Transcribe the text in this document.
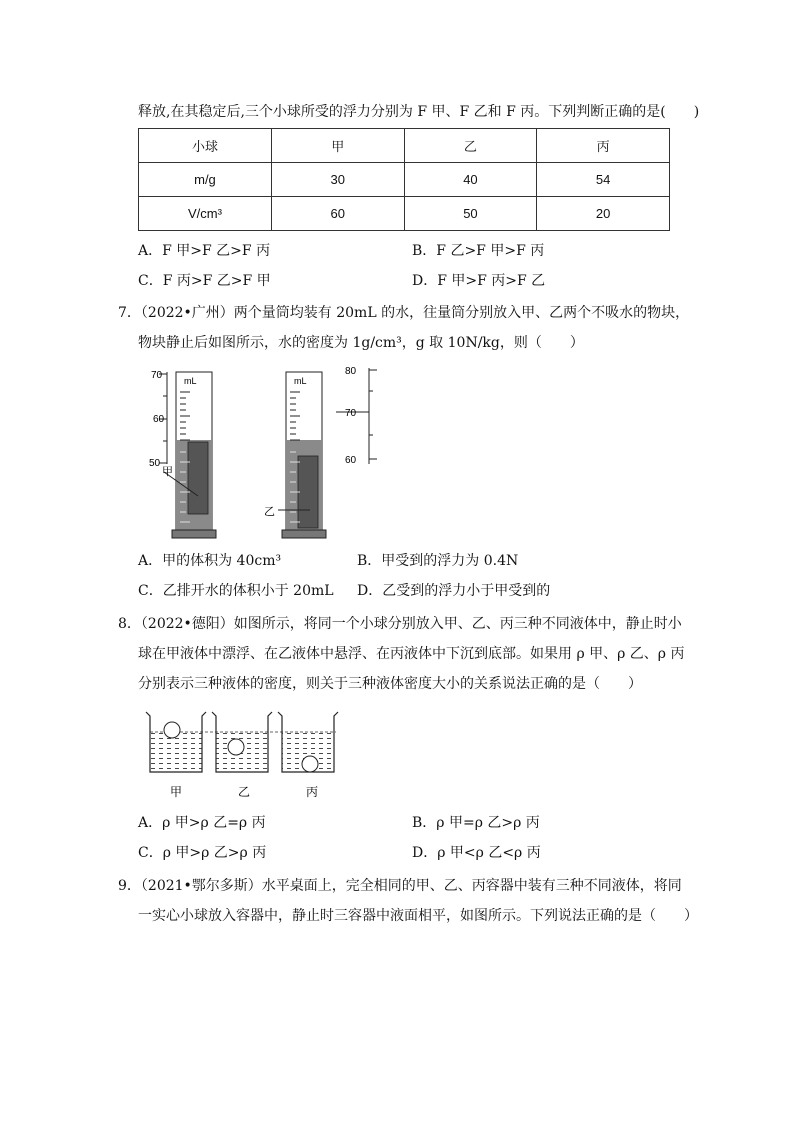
释放,在其稳定后,三个小球所受的浮力分别为 F 甲、F 乙和 F 丙。下列判断正确的是(　　)
小球	甲	乙	丙
m/g	30	40	54
V/cm³	60	50	20
A．F 甲>F 乙>F 丙	B．F 乙>F 甲>F 丙
C．F 丙>F 乙>F 甲	D．F 甲>F 丙>F 乙
7．（2022•广州）两个量筒均装有 20mL 的水，往量筒分别放入甲、乙两个不吸水的物块，
物块静止后如图所示，水的密度为 1g/cm³，g 取 10N/kg，则（　　）
mL
甲
70
60
50
mL
乙
80
70
60
A．甲的体积为 40cm³	B．甲受到的浮力为 0.4N
C．乙排开水的体积小于 20mL D．乙受到的浮力小于甲受到的
8．（2022•德阳）如图所示，将同一个小球分别放入甲、乙、丙三种不同液体中，静止时小
球在甲液体中漂浮、在乙液体中悬浮、在丙液体中下沉到底部。如果用 ρ 甲、ρ 乙、ρ 丙
分别表示三种液体的密度，则关于三种液体密度大小的关系说法正确的是（　　）
甲	乙	丙
A．ρ 甲>ρ 乙=ρ 丙	B．ρ 甲=ρ 乙>ρ 丙
C．ρ 甲>ρ 乙>ρ 丙	D．ρ 甲<ρ 乙<ρ 丙
9．（2021•鄂尔多斯）水平桌面上，完全相同的甲、乙、丙容器中装有三种不同液体，将同
一实心小球放入容器中，静止时三容器中液面相平，如图所示。下列说法正确的是（　　）
